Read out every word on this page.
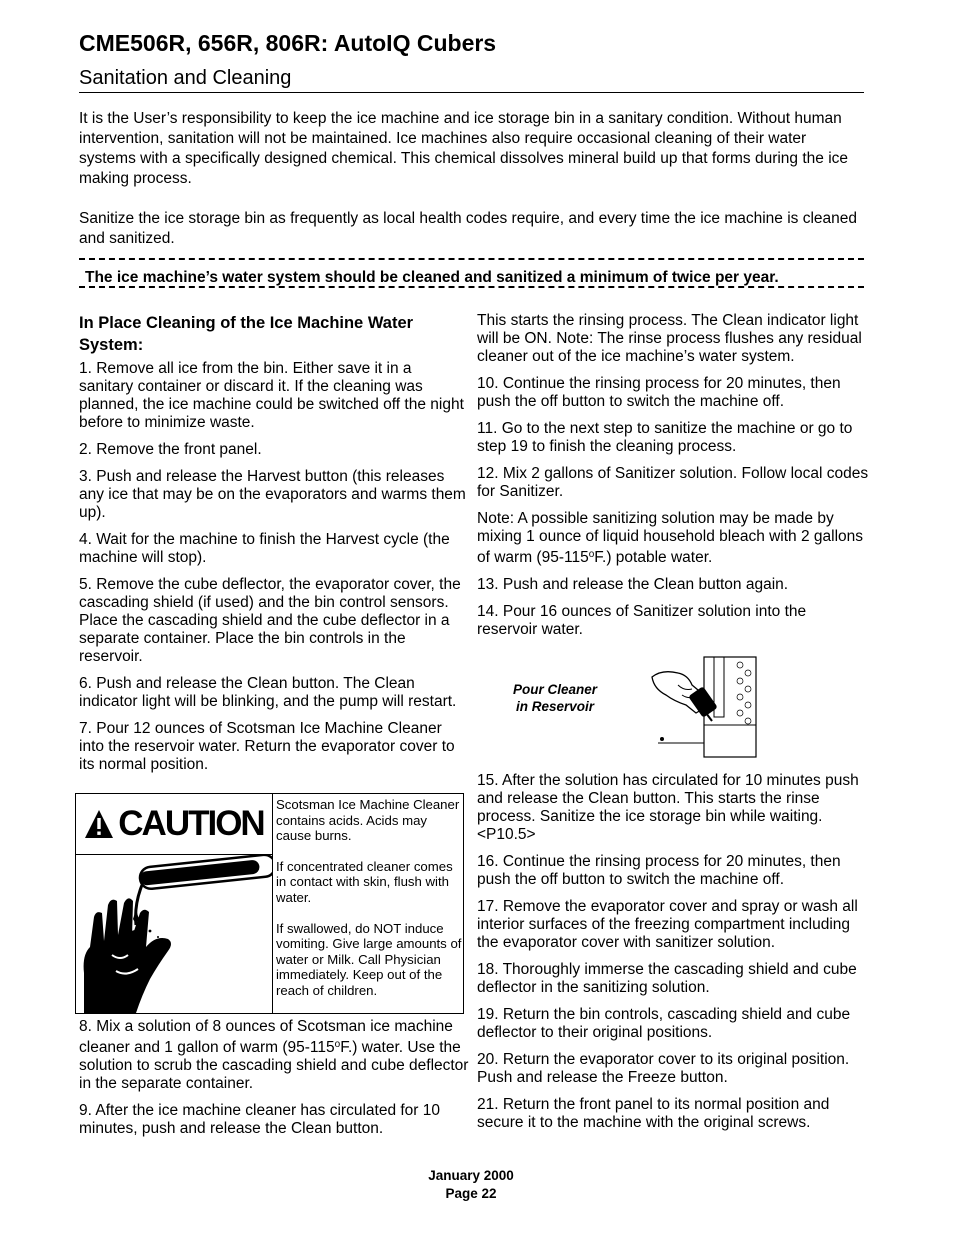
CME506R, 656R, 806R: AutoIQ Cubers
Sanitation and Cleaning
It is the User’s responsibility to keep the ice machine and ice storage bin in a sanitary condition. Without human intervention, sanitation will not be maintained. Ice machines also require occasional cleaning of their water systems with a specifically designed chemical. This chemical dissolves mineral build up that forms during the ice making process.
Sanitize the ice storage bin as frequently as local health codes require, and every time the ice machine is cleaned and sanitized.
The ice machine’s water system should be cleaned and sanitized a minimum of twice per year.
In Place Cleaning of the Ice Machine Water System:

1. Remove all ice from the bin. Either save it in a sanitary container or discard it. If the cleaning was planned, the ice machine could be switched off the night before to minimize waste.

2. Remove the front panel.

3. Push and release the Harvest button (this releases any ice that may be on the evaporators and warms them up).

4. Wait for the machine to finish the Harvest cycle (the machine will stop).

5. Remove the cube deflector, the evaporator cover, the cascading shield (if used) and the bin control sensors. Place the cascading shield and the cube deflector in a separate container. Place the bin controls in the reservoir.

6. Push and release the Clean button. The Clean indicator light will be blinking, and the pump will restart.

7. Pour 12 ounces of Scotsman Ice Machine Cleaner into the reservoir water. Return the evaporator cover to its normal position.

CAUTION Scotsman Ice Machine Cleaner contains acids. Acids may cause burns.

If concentrated cleaner comes in contact with skin, flush with water.

If swallowed, do NOT induce vomiting. Give large amounts of water or Milk. Call Physician immediately. Keep out of the reach of children.

8. Mix a solution of 8 ounces of Scotsman ice machine cleaner and 1 gallon of warm (95-115$^o$F.) water. Use the solution to scrub the cascading shield and cube deflector in the separate container.

9. After the ice machine cleaner has circulated for 10 minutes, push and release the Clean button.

This starts the rinsing process. The Clean indicator light will be ON. Note: The rinse process flushes any residual cleaner out of the ice machine’s water system.

10. Continue the rinsing process for 20 minutes, then push the off button to switch the machine off.

11. Go to the next step to sanitize the machine or go to step 19 to finish the cleaning process.

12. Mix 2 gallons of Sanitizer solution. Follow local codes for Sanitizer.

Note: A possible sanitizing solution may be made by mixing 1 ounce of liquid household bleach with 2 gallons of warm (95-115$^o$F.) potable water.

13. Push and release the Clean button again.

14. Pour 16 ounces of Sanitizer solution into the reservoir water.

Pour Cleaner
in Reservoir

15. After the solution has circulated for 10 minutes push and release the Clean button. This starts the rinse process. Sanitize the ice storage bin while waiting.<P10.5>

16. Continue the rinsing process for 20 minutes, then push the off button to switch the machine off.

17. Remove the evaporator cover and spray or wash all interior surfaces of the freezing compartment including the evaporator cover with sanitizer solution.

18. Thoroughly immerse the cascading shield and cube deflector in the sanitizing solution.

19. Return the bin controls, cascading shield and cube deflector to their original positions.

20. Return the evaporator cover to its original position. Push and release the Freeze button.

21. Return the front panel to its normal position and secure it to the machine with the original screws.

January 2000
Page 22
